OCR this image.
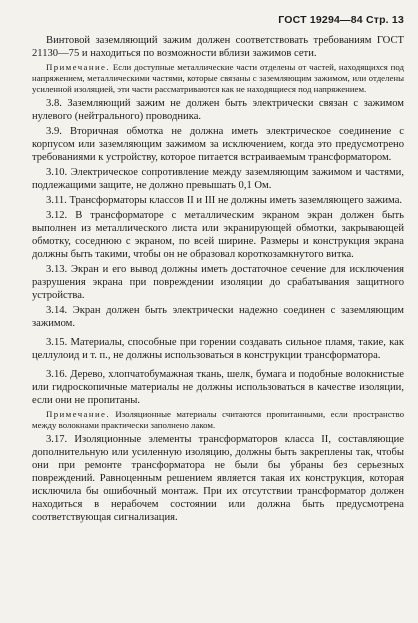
ГОСТ 19294—84 Стр. 13

Винтовой заземляющий зажим должен соответствовать требованиям ГОСТ 21130—75 и находиться по возможности вблизи зажимов сети.

Примечание. Если доступные металлические части отделены от частей, находящихся под напряжением, металлическими частями, которые связаны с заземляющим зажимом, или отделены усиленной изоляцией, эти части рассматриваются как не находящиеся под напряжением.

3.8. Заземляющий зажим не должен быть электрически связан с зажимом нулевого (нейтрального) проводника.

3.9. Вторичная обмотка не должна иметь электрическое соединение с корпусом или заземляющим зажимом за исключением, когда это предусмотрено требованиями к устройству, которое питается встраиваемым трансформатором.

3.10. Электрическое сопротивление между заземляющим зажимом и частями, подлежащими защите, не должно превышать 0,1 Ом.

3.11. Трансформаторы классов II и III не должны иметь заземляющего зажима.

3.12. В трансформаторе с металлическим экраном экран должен быть выполнен из металлического листа или экранирующей обмотки, закрывающей обмотку, соседнюю с экраном, по всей ширине. Размеры и конструкция экрана должны быть такими, чтобы он не образовал короткозамкнутого витка.

3.13. Экран и его вывод должны иметь достаточное сечение для исключения разрушения экрана при повреждении изоляции до срабатывания защитного устройства.

3.14. Экран должен быть электрически надежно соединен с заземляющим зажимом.

3.15. Материалы, способные при горении создавать сильное пламя, такие, как целлулоид и т. п., не должны использоваться в конструкции трансформатора.

3.16. Дерево, хлопчатобумажная ткань, шелк, бумага и подобные волокнистые или гидроскопичные материалы не должны использоваться в качестве изоляции, если они не пропитаны.

Примечание. Изоляционные материалы считаются пропитанными, если пространство между волокнами практически заполнено лаком.

3.17. Изоляционные элементы трансформаторов класса II, составляющие дополнительную или усиленную изоляцию, должны быть закреплены так, чтобы они при ремонте трансформатора не были бы убраны без серьезных повреждений. Равноценным решением является такая их конструкция, которая исключила бы ошибочный монтаж. При их отсутствии трансформатор должен находиться в нерабочем состоянии или должна быть предусмотрена соответствующая сигнализация.
